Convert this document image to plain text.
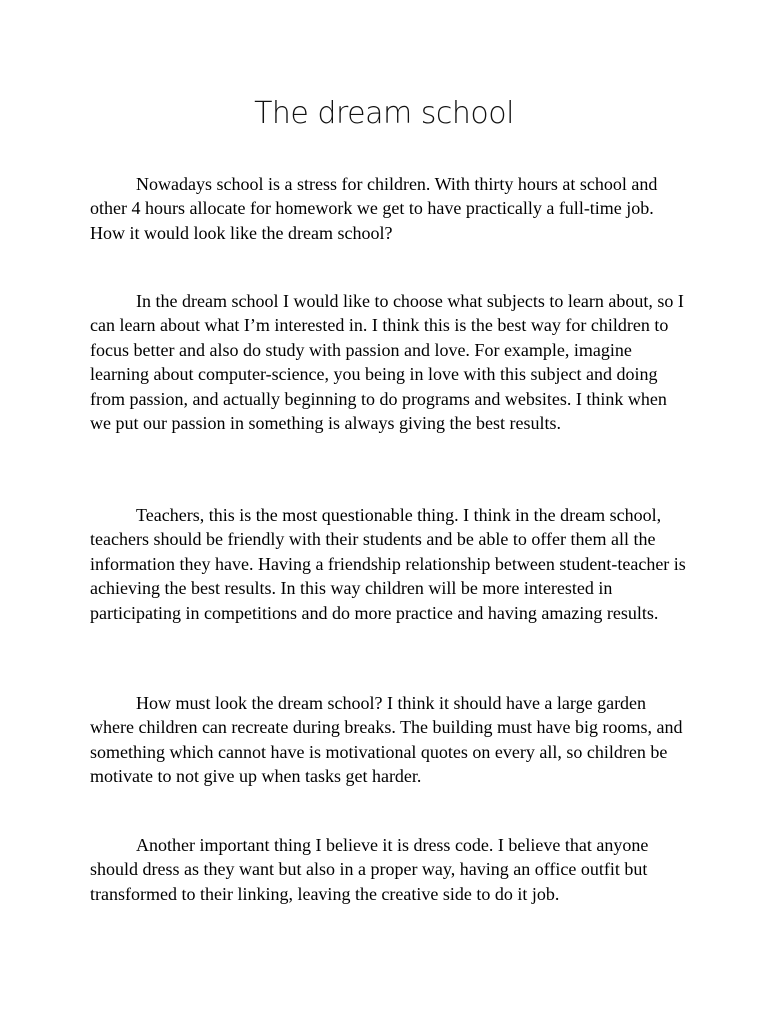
The dream school

Nowadays school is a stress for children. With thirty hours at school and other 4 hours allocate for homework we get to have practically a full-time job. How it would look like the dream school?

In the dream school I would like to choose what subjects to learn about, so I can learn about what I’m interested in. I think this is the best way for children to focus better and also do study with passion and love. For example, imagine learning about computer-science, you being in love with this subject and doing from passion, and actually beginning to do programs and websites. I think when we put our passion in something is always giving the best results.

Teachers, this is the most questionable thing. I think in the dream school, teachers should be friendly with their students and be able to offer them all the information they have. Having a friendship relationship between student-teacher is achieving the best results. In this way children will be more interested in participating in competitions and do more practice and having amazing results.

How must look the dream school? I think it should have a large garden where children can recreate during breaks. The building must have big rooms, and something which cannot have is motivational quotes on every all, so children be motivate to not give up when tasks get harder.

Another important thing I believe it is dress code. I believe that anyone should dress as they want but also in a proper way, having an office outfit but transformed to their linking, leaving the creative side to do it job.
